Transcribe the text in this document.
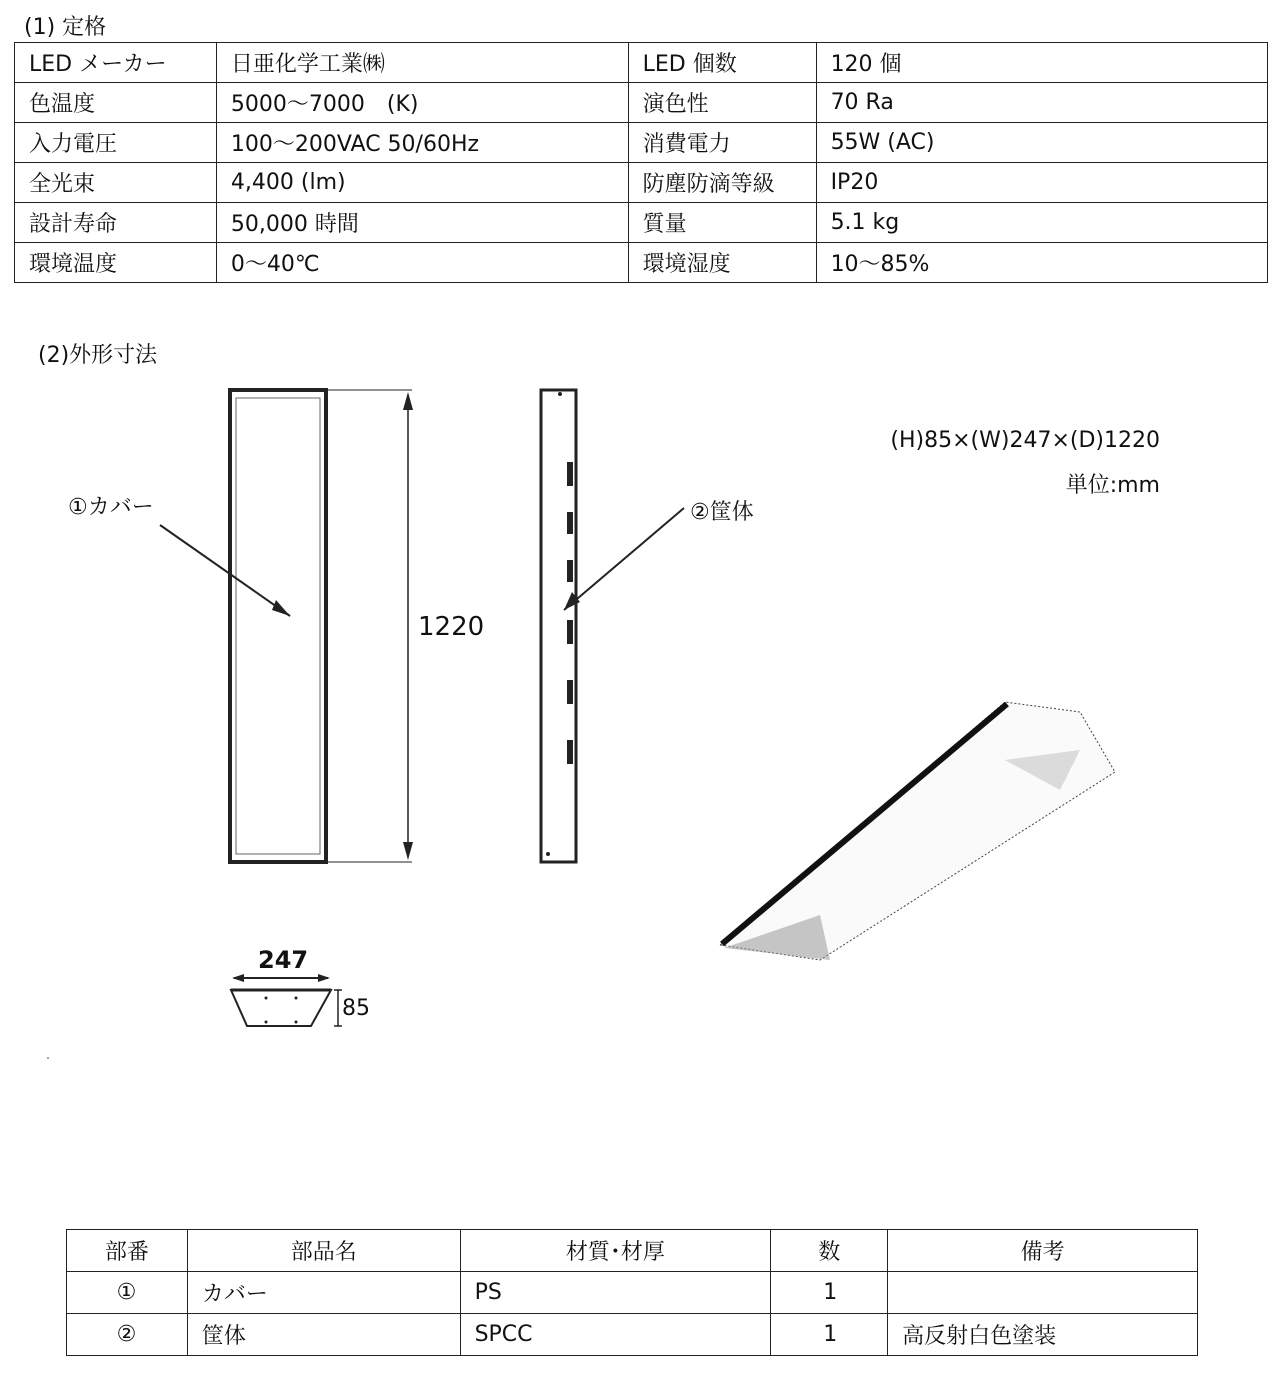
(1) 定格
LED メーカー	日亜化学工業㈱	LED 個数	120 個
色温度	5000〜7000　(K)	演色性	70 Ra
入力電圧	100〜200VAC 50/60Hz	消費電力	55W (AC)
全光束	4,400 (lm)	防塵防滴等級	IP20
設計寿命	50,000 時間	質量	5.1 kg
環境温度	0〜40℃	環境湿度	10〜85%
(2)外形寸法
(H)85×(W)247×(D)1220
単位:mm
①カバー	②筐体
1220
247
85
部番	部品名	材質･材厚	数	備考
①	カバー	PS	1	
②	筐体	SPCC	1	高反射白色塗装
